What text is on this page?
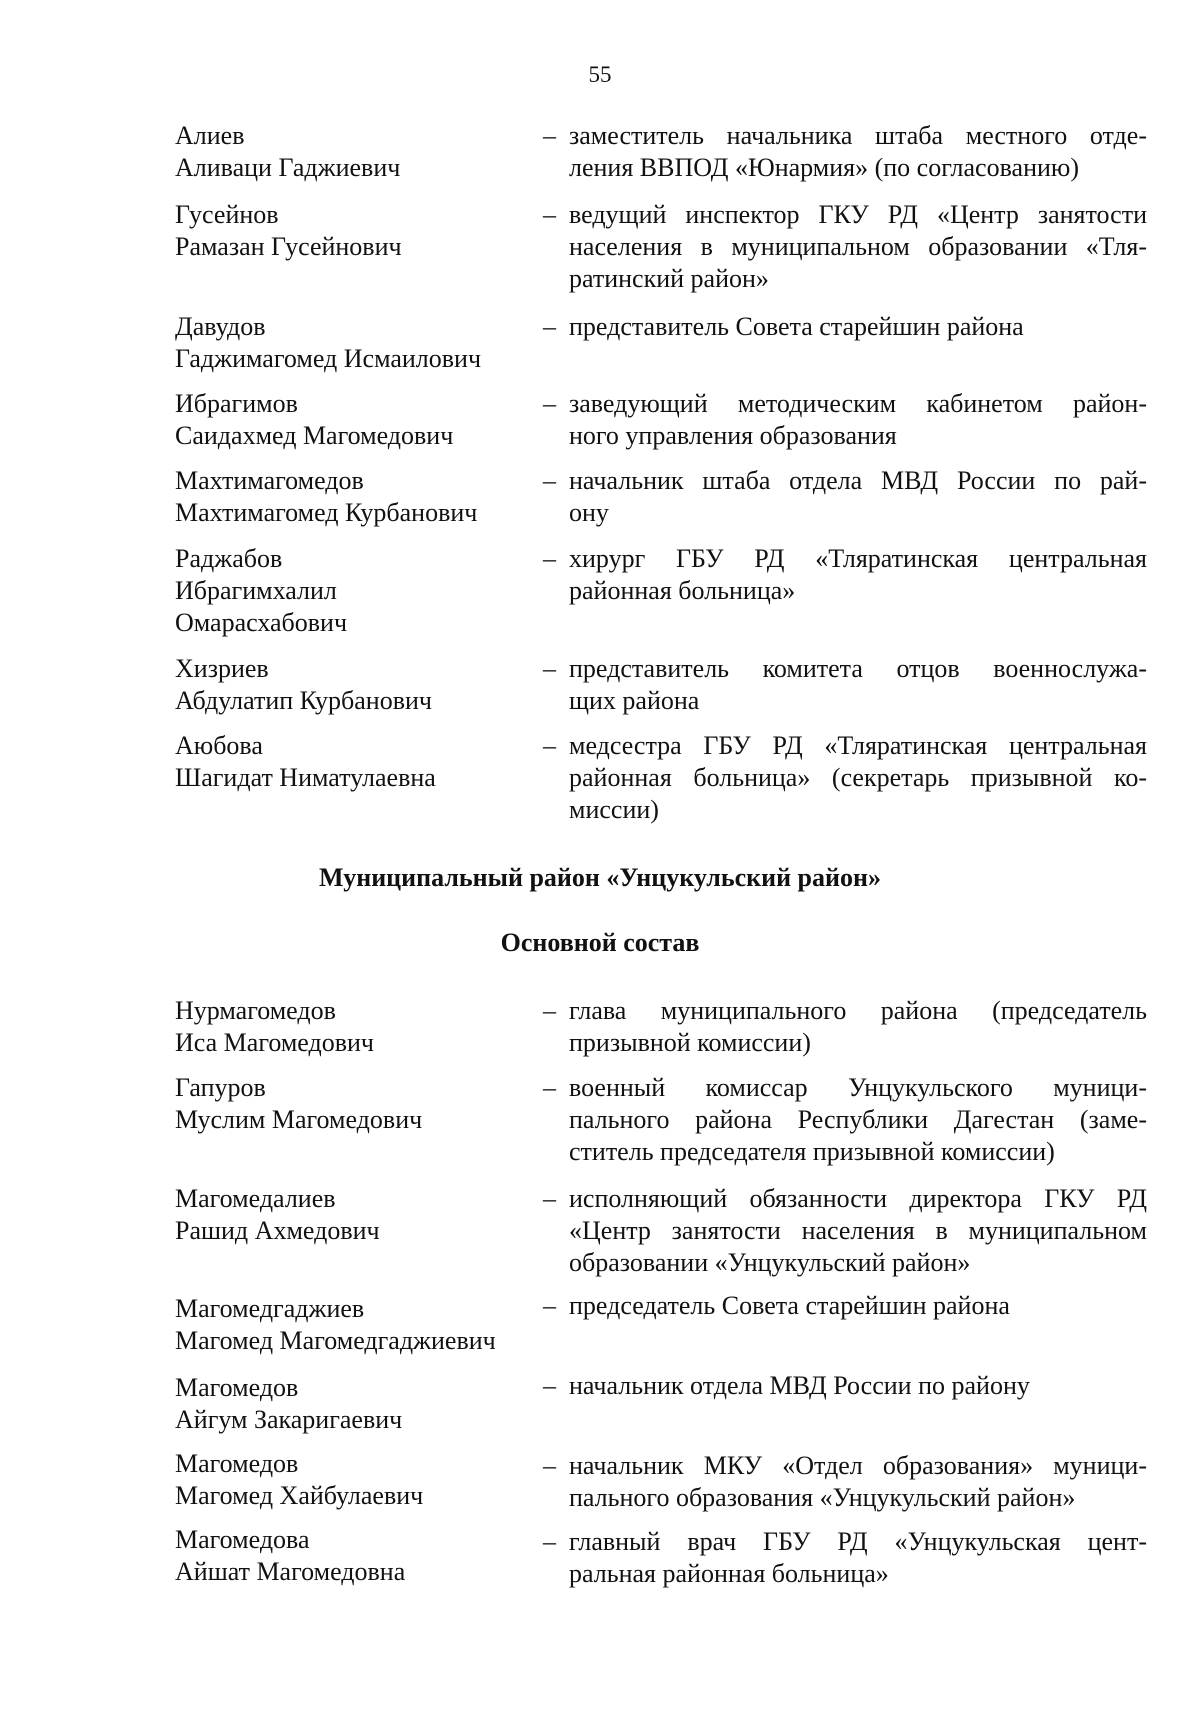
55
Алиев
Аливаци Гаджиевич
– заместитель начальника штаба местного отде-
ления ВВПОД «Юнармия» (по согласованию)
Гусейнов
Рамазан Гусейнович
– ведущий инспектор ГКУ РД «Центр занятости
населения в муниципальном образовании «Тля-
ратинский район»
Давудов
Гаджимагомед Исмаилович
– представитель Совета старейшин района
Ибрагимов
Саидахмед Магомедович
– заведующий методическим кабинетом район-
ного управления образования
Махтимагомедов
Махтимагомед Курбанович
– начальник штаба отдела МВД России по рай-
ону
Раджабов
Ибрагимхалил
Омарасхабович
– хирург ГБУ РД «Тляратинская центральная
районная больница»
Хизриев
Абдулатип Курбанович
– представитель комитета отцов военнослужа-
щих района
Аюбова
Шагидат Ниматулаевна
– медсестра ГБУ РД «Тляратинская центральная
районная больница» (секретарь призывной ко-
миссии)
Муниципальный район «Унцукульский район»
Основной состав
Нурмагомедов
Иса Магомедович
– глава муниципального района (председатель
призывной комиссии)
Гапуров
Муслим Магомедович
– военный комиссар Унцукульского муници-
пального района Республики Дагестан (заме-
ститель председателя призывной комиссии)
Магомедалиев
Рашид Ахмедович
– исполняющий обязанности директора ГКУ РД
«Центр занятости населения в муниципальном
образовании «Унцукульский район»
Магомедгаджиев
Магомед Магомедгаджиевич
– председатель Совета старейшин района
Магомедов
Айгум Закаригаевич
– начальник отдела МВД России по району
Магомедов
Магомед Хайбулаевич
– начальник МКУ «Отдел образования» муници-
пального образования «Унцукульский район»
Магомедова
Айшат Магомедовна
– главный врач ГБУ РД «Унцукульская цент-
ральная районная больница»
